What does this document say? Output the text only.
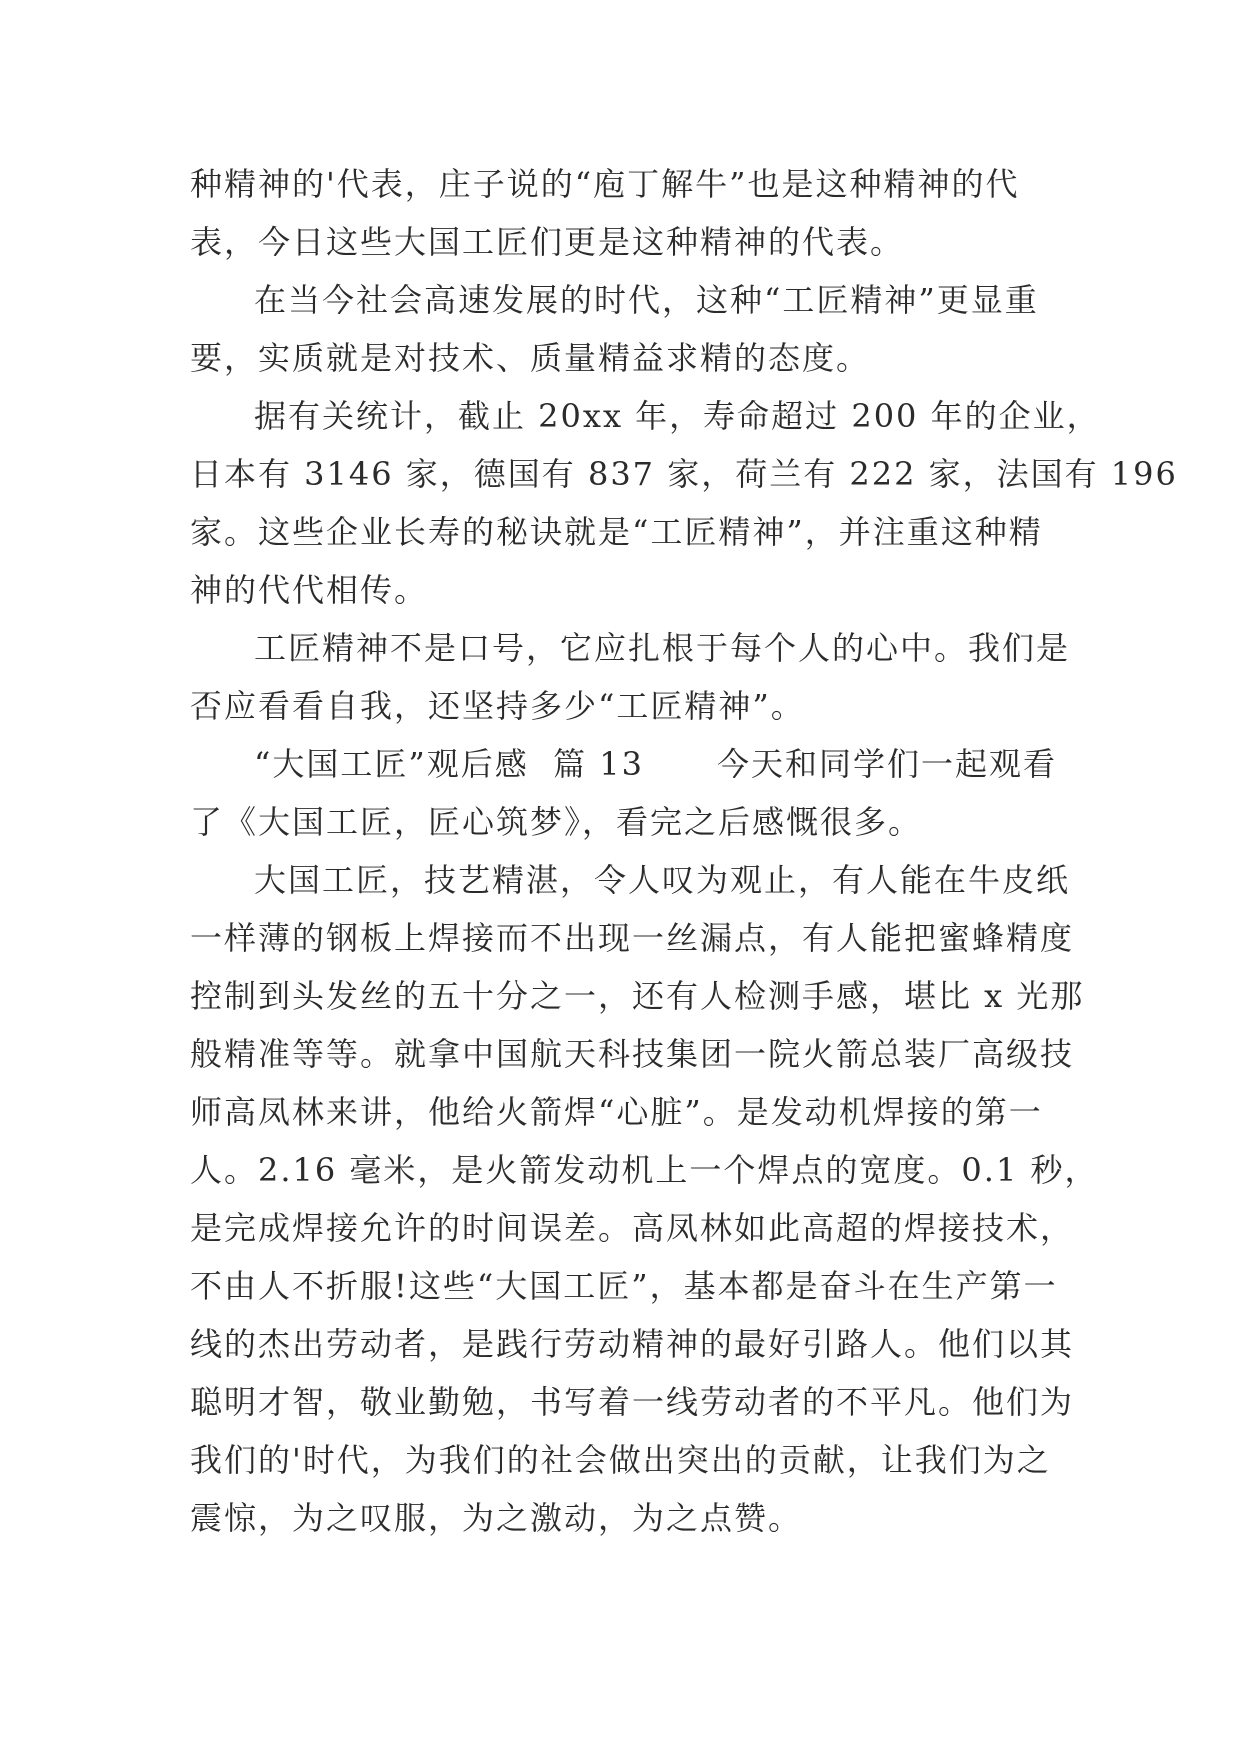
种精神的'代表，庄子说的“庖丁解牛”也是这种精神的代
表，今日这些大国工匠们更是这种精神的代表。
在当今社会高速发展的时代，这种“工匠精神”更显重
要，实质就是对技术、质量精益求精的态度。
据有关统计，截止 20xx 年，寿命超过 200 年的企业，
日本有 3146 家，德国有 837 家，荷兰有 222 家，法国有 196
家。这些企业长寿的秘诀就是“工匠精神”，并注重这种精
神的代代相传。
工匠精神不是口号，它应扎根于每个人的心中。我们是
否应看看自我，还坚持多少“工匠精神”。
“大国工匠”观后感  篇 13      今天和同学们一起观看
了《大国工匠，匠心筑梦》，看完之后感慨很多。
大国工匠，技艺精湛，令人叹为观止，有人能在牛皮纸
一样薄的钢板上焊接而不出现一丝漏点，有人能把蜜蜂精度
控制到头发丝的五十分之一，还有人检测手感，堪比 x 光那
般精准等等。就拿中国航天科技集团一院火箭总装厂高级技
师高凤林来讲，他给火箭焊“心脏”。是发动机焊接的第一
人。2.16 毫米，是火箭发动机上一个焊点的宽度。0.1 秒，
是完成焊接允许的时间误差。高凤林如此高超的焊接技术，
不由人不折服!这些“大国工匠”，基本都是奋斗在生产第一
线的杰出劳动者，是践行劳动精神的最好引路人。他们以其
聪明才智，敬业勤勉，书写着一线劳动者的不平凡。他们为
我们的'时代，为我们的社会做出突出的贡献，让我们为之
震惊，为之叹服，为之激动，为之点赞。
